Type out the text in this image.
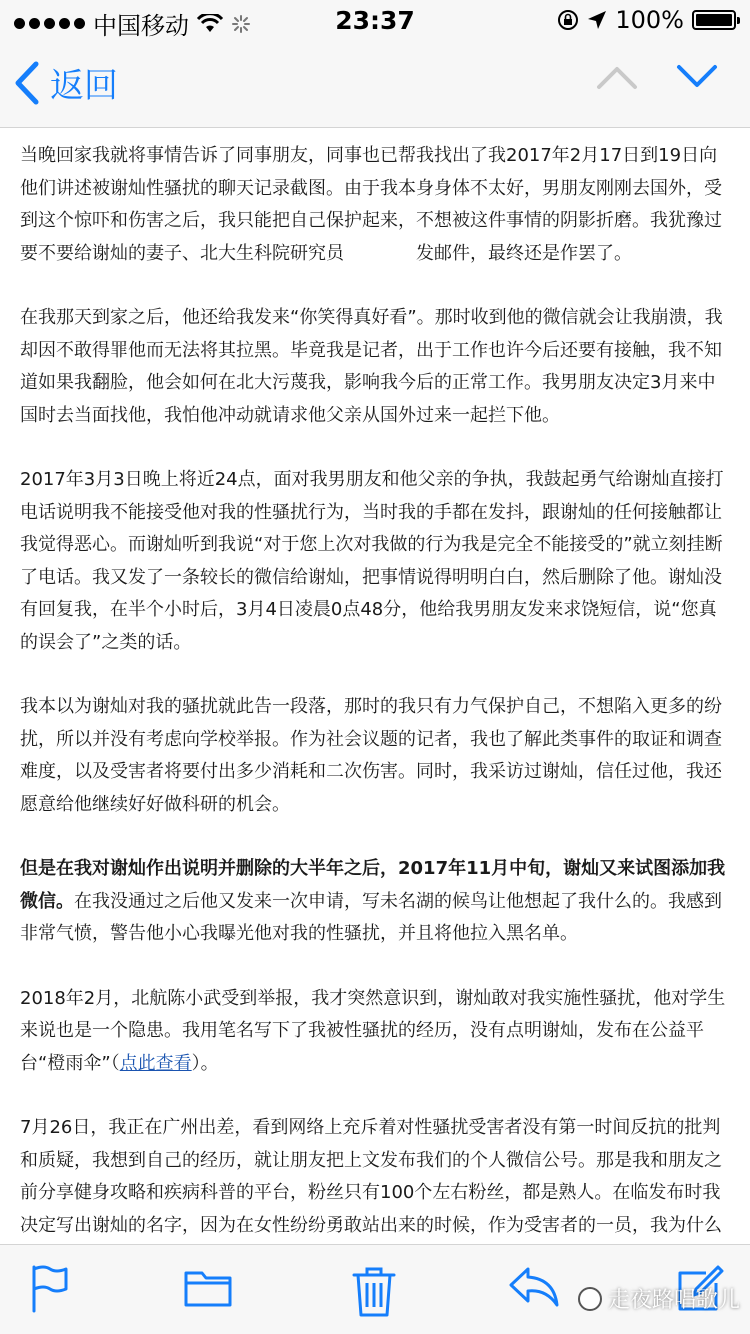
中国移动	23:37	100%
返回

当晚回家我就将事情告诉了同事朋友，同事也已帮我找出了我2017年2月17日到19日向他们讲述被谢灿性骚扰的聊天记录截图。由于我本身身体不太好，男朋友刚刚去国外，受到这个惊吓和伤害之后，我只能把自己保护起来，不想被这件事情的阴影折磨。我犹豫过要不要给谢灿的妻子、北大生科院研究员　　　　发邮件，最终还是作罢了。

在我那天到家之后，他还给我发来“你笑得真好看”。那时收到他的微信就会让我崩溃，我却因不敢得罪他而无法将其拉黑。毕竟我是记者，出于工作也许今后还要有接触，我不知道如果我翻脸，他会如何在北大污蔑我，影响我今后的正常工作。我男朋友决定3月来中国时去当面找他，我怕他冲动就请求他父亲从国外过来一起拦下他。

2017年3月3日晚上将近24点，面对我男朋友和他父亲的争执，我鼓起勇气给谢灿直接打电话说明我不能接受他对我的性骚扰行为，当时我的手都在发抖，跟谢灿的任何接触都让我觉得恶心。而谢灿听到我说“对于您上次对我做的行为我是完全不能接受的”就立刻挂断了电话。我又发了一条较长的微信给谢灿，把事情说得明明白白，然后删除了他。谢灿没有回复我，在半个小时后，3月4日凌晨0点48分，他给我男朋友发来求饶短信，说“您真的误会了”之类的话。

我本以为谢灿对我的骚扰就此告一段落，那时的我只有力气保护自己，不想陷入更多的纷扰，所以并没有考虑向学校举报。作为社会议题的记者，我也了解此类事件的取证和调查难度，以及受害者将要付出多少消耗和二次伤害。同时，我采访过谢灿，信任过他，我还愿意给他继续好好做科研的机会。

但是在我对谢灿作出说明并删除的大半年之后，2017年11月中旬，谢灿又来试图添加我微信。在我没通过之后他又发来一次申请，写未名湖的候鸟让他想起了我什么的。我感到非常气愤，警告他小心我曝光他对我的性骚扰，并且将他拉入黑名单。

2018年2月，北航陈小武受到举报，我才突然意识到，谢灿敢对我实施性骚扰，他对学生来说也是一个隐患。我用笔名写下了我被性骚扰的经历，没有点明谢灿，发布在公益平台“橙雨伞”（点此查看）。

7月26日，我正在广州出差，看到网络上充斥着对性骚扰受害者没有第一时间反抗的批判和质疑，我想到自己的经历，就让朋友把上文发布我们的个人微信公号。那是我和朋友之前分享健身攻略和疾病科普的平台，粉丝只有100个左右粉丝，都是熟人。在临发布时我决定写出谢灿的名字，因为在女性纷纷勇敢站出来的时候，作为受害者的一员，我为什么

走夜路唱歌儿
